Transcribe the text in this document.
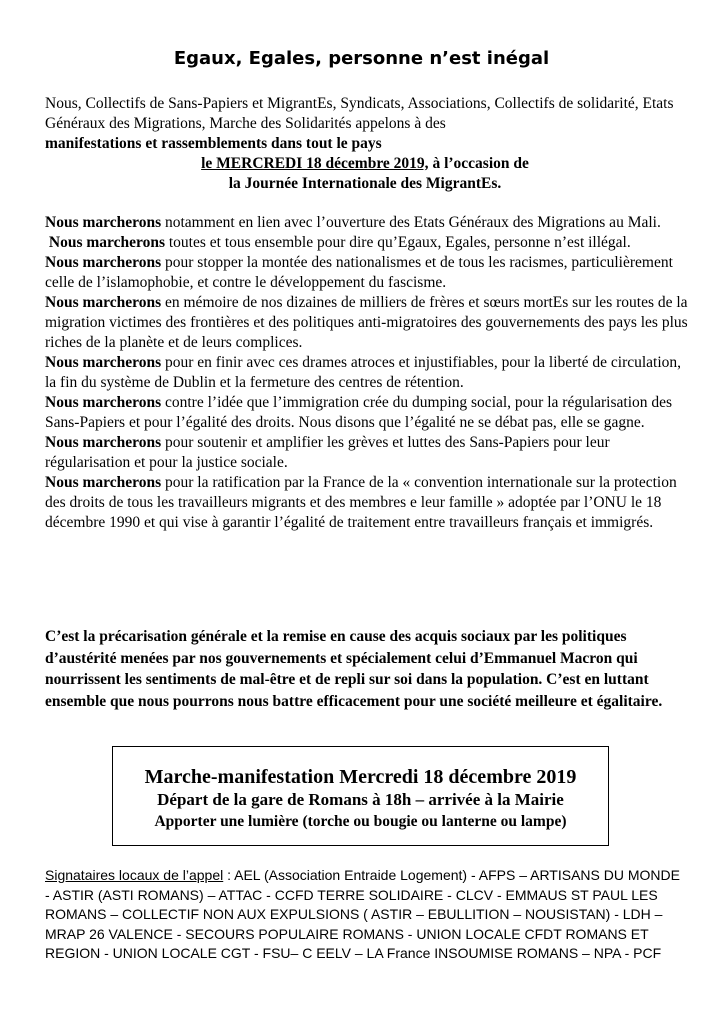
Egaux, Egales, personne n’est inégal
Nous, Collectifs de Sans-Papiers et MigrantEs, Syndicats, Associations, Collectifs de solidarité, Etats Généraux des Migrations, Marche des Solidarités appelons à des
manifestations et rassemblements dans tout le pays
le MERCREDI 18 décembre 2019, à l’occasion de
la Journée Internationale des MigrantEs.

Nous marcherons notamment en lien avec l’ouverture des Etats Généraux des Migrations au Mali.

Nous marcherons toutes et tous ensemble pour dire qu’Egaux, Egales, personne n’est illégal.

Nous marcherons pour stopper la montée des nationalismes et de tous les racismes, particulièrement celle de l’islamophobie, et contre le développement du fascisme.

Nous marcherons en mémoire de nos dizaines de milliers de frères et sœurs mortEs sur les routes de la migration victimes des frontières et des politiques anti-migratoires des gouvernements des pays les plus riches de la planète et de leurs complices.

Nous marcherons pour en finir avec ces drames atroces et injustifiables, pour la liberté de circulation, la fin du système de Dublin et la fermeture des centres de rétention.

Nous marcherons contre l’idée que l’immigration crée du dumping social, pour la régularisation des Sans-Papiers et pour l’égalité des droits. Nous disons que l’égalité ne se débat pas, elle se gagne.

Nous marcherons pour soutenir et amplifier les grèves et luttes des Sans-Papiers pour leur régularisation et pour la justice sociale.

Nous marcherons pour la ratification par la France de la « convention internationale sur la protection des droits de tous les travailleurs migrants et des membres e leur famille » adoptée par l’ONU le 18 décembre 1990 et qui vise à garantir l’égalité de traitement entre travailleurs français et immigrés.

C’est la précarisation générale et la remise en cause des acquis sociaux par les politiques d’austérité menées par nos gouvernements et spécialement celui d’Emmanuel Macron qui nourrissent les sentiments de mal-être et de repli sur soi dans la population. C’est en luttant ensemble que nous pourrons nous battre efficacement pour une société meilleure et égalitaire.
Marche-manifestation Mercredi 18 décembre 2019
Départ de la gare de Romans à 18h – arrivée à la Mairie
Apporter une lumière (torche ou bougie ou lanterne ou lampe)
Signataires locaux de l’appel : AEL (Association Entraide Logement) - AFPS – ARTISANS DU MONDE - ASTIR (ASTI ROMANS) – ATTAC - CCFD TERRE SOLIDAIRE - CLCV - EMMAUS ST PAUL LES ROMANS – COLLECTIF NON AUX EXPULSIONS ( ASTIR – EBULLITION – NOUSISTAN) - LDH – MRAP 26 VALENCE - SECOURS POPULAIRE ROMANS - UNION LOCALE CFDT ROMANS ET REGION - UNION LOCALE CGT - FSU– C EELV – LA France INSOUMISE ROMANS – NPA - PCF
